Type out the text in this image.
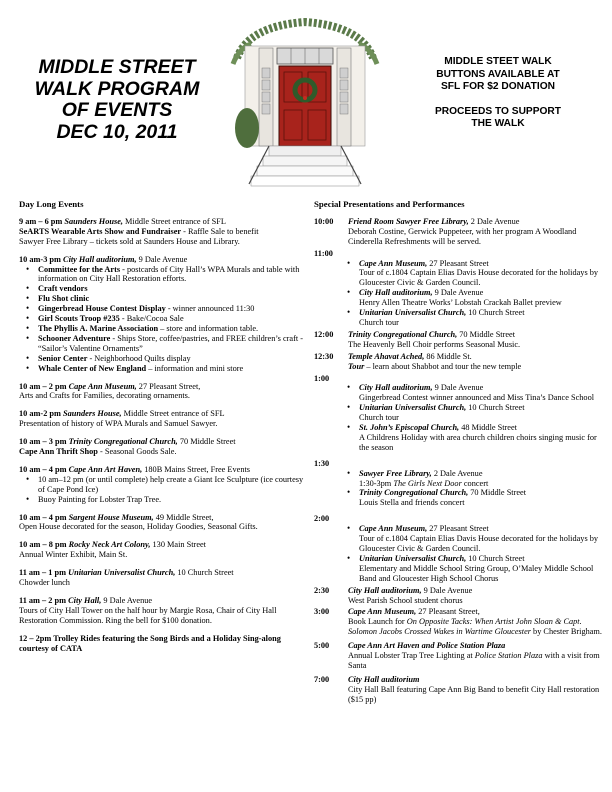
MIDDLE STREET
WALK PROGRAM
OF EVENTS
DEC 10, 2011
MIDDLE STEET WALK
BUTTONS AVAILABLE AT
SFL FOR $2 DONATION
PROCEEDS TO SUPPORT
THE WALK
Day Long Events
9 am – 6 pm Saunders House, Middle Street entrance of SFL
SeARTS Wearable Arts Show and Fundraiser - Raffle Sale to benefit
Sawyer Free Library – tickets sold at Saunders House and Library.
10 am-3 pm City Hall auditorium, 9 Dale Avenue
• Committee for the Arts - postcards of City Hall’s WPA Murals and table with information on City Hall Restoration efforts.
• Craft vendors
• Flu Shot clinic
• Gingerbread House Contest Display - winner announced 11:30
• Girl Scouts Troop #235 - Bake/Cocoa Sale
• The Phyllis A. Marine Association – store and information table.
• Schooner Adventure - Ships Store, coffee/pastries, and FREE children’s craft - “Sailor’s Valentine Ornaments”
• Senior Center - Neighborhood Quilts display
• Whale Center of New England – information and mini store
10 am – 2 pm Cape Ann Museum, 27 Pleasant Street,
Arts and Crafts for Families, decorating ornaments.
10 am-2 pm Saunders House, Middle Street entrance of SFL
Presentation of history of WPA Murals and Samuel Sawyer.
10 am – 3 pm Trinity Congregational Church, 70 Middle Street
Cape Ann Thrift Shop - Seasonal Goods Sale.
10 am – 4 pm Cape Ann Art Haven, 180B Mains Street, Free Events
• 10 am–12 pm (or until complete) help create a Giant Ice Sculpture (ice courtesy of Cape Pond Ice)
• Buoy Painting for Lobster Trap Tree.
10 am – 4 pm Sargent House Museum, 49 Middle Street,
Open House decorated for the season, Holiday Goodies, Seasonal Gifts.
10 am – 8 pm Rocky Neck Art Colony, 130 Main Street
Annual Winter Exhibit, Main St.
11 am – 1 pm Unitarian Universalist Church, 10 Church Street
Chowder lunch
11 am – 2 pm City Hall, 9 Dale Avenue
Tours of City Hall Tower on the half hour by Margie Rosa, Chair of City Hall Restoration Commission. Ring the bell for $100 donation.
12 – 2pm Trolley Rides featuring the Song Birds and a Holiday Sing-along courtesy of CATA
Special Presentations and Performances
10:00	Friend Room Sawyer Free Library, 2 Dale Avenue
Deborah Costine, Gerwick Puppeteer, with her program A Woodland Cinderella Refreshments will be served.
11:00
• Cape Ann Museum, 27 Pleasant Street
Tour of c.1804 Captain Elias Davis House decorated for the holidays by Gloucester Civic & Garden Council.
• City Hall auditorium, 9 Dale Avenue
Henry Allen Theatre Works’ Lobstah Crackah Ballet preview
• Unitarian Universalist Church, 10 Church Street
Church tour
12:00	Trinity Congregational Church, 70 Middle Street
The Heavenly Bell Choir performs Seasonal Music.
12:30	Temple Ahavat Ached, 86 Middle St.
Tour – learn about Shabbot and tour the new temple
1:00
• City Hall auditorium, 9 Dale Avenue
Gingerbread Contest winner announced and Miss Tina’s Dance School
• Unitarian Universalist Church, 10 Church Street
Church tour
• St. John’s Episcopal Church, 48 Middle Street
A Childrens Holiday with area church children choirs singing music for the season
1:30
• Sawyer Free Library, 2 Dale Avenue
1:30-3pm The Girls Next Door concert
• Trinity Congregational Church, 70 Middle Street
Louis Stella and friends concert
2:00
• Cape Ann Museum, 27 Pleasant Street
Tour of c.1804 Captain Elias Davis House decorated for the holidays by Gloucester Civic & Garden Council.
• Unitarian Universalist Church, 10 Church Street
Elementary and Middle School String Group, O’Maley Middle School Band and Gloucester High School Chorus
2:30	City Hall auditorium, 9 Dale Avenue
West Parish School student chorus
3:00	Cape Ann Museum, 27 Pleasant Street,
Book Launch for On Opposite Tacks: When Artist John Sloan & Capt. Solomon Jacobs Crossed Wakes in Wartime Gloucester by Chester Brigham.
5:00	Cape Ann Art Haven and Police Station Plaza
Annual Lobster Trap Tree Lighting at Police Station Plaza with a visit from Santa
7:00	City Hall auditorium
City Hall Ball featuring Cape Ann Big Band to benefit City Hall restoration ($15 pp)
